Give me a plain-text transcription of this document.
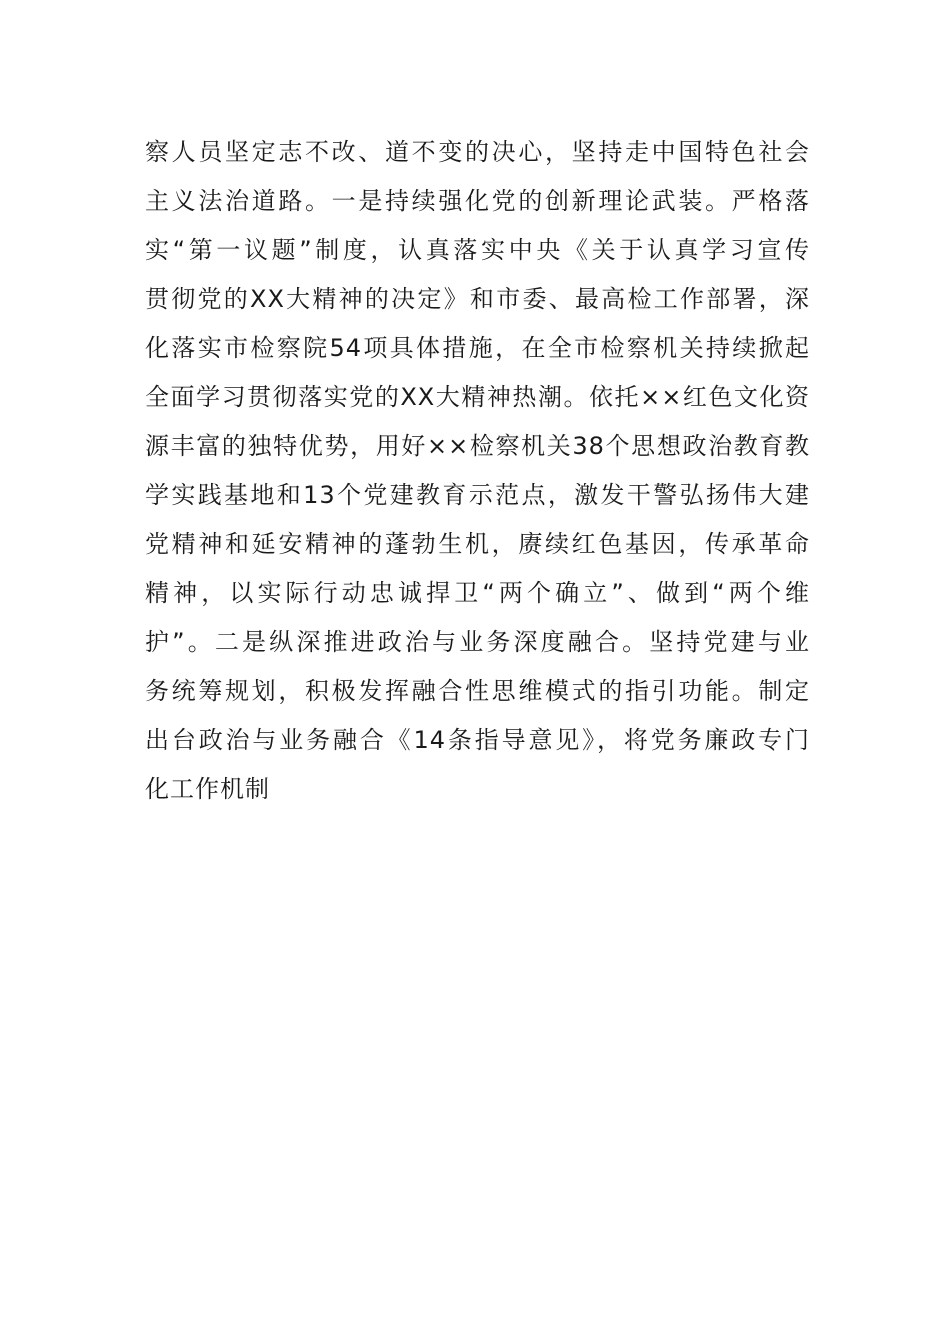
察人员坚定志不改、道不变的决心，坚持走中国特色社会
主义法治道路。一是持续强化党的创新理论武装。严格落
实“第一议题”制度，认真落实中央《关于认真学习宣传
贯彻党的XX大精神的决定》和市委、最高检工作部署，深
化落实市检察院54项具体措施，在全市检察机关持续掀起
全面学习贯彻落实党的XX大精神热潮。依托××红色文化资
源丰富的独特优势，用好××检察机关38个思想政治教育教
学实践基地和13个党建教育示范点，激发干警弘扬伟大建
党精神和延安精神的蓬勃生机，赓续红色基因，传承革命
精神，以实际行动忠诚捍卫“两个确立”、做到“两个维
护”。二是纵深推进政治与业务深度融合。坚持党建与业
务统筹规划，积极发挥融合性思维模式的指引功能。制定
出台政治与业务融合《14条指导意见》，将党务廉政专门
化工作机制
